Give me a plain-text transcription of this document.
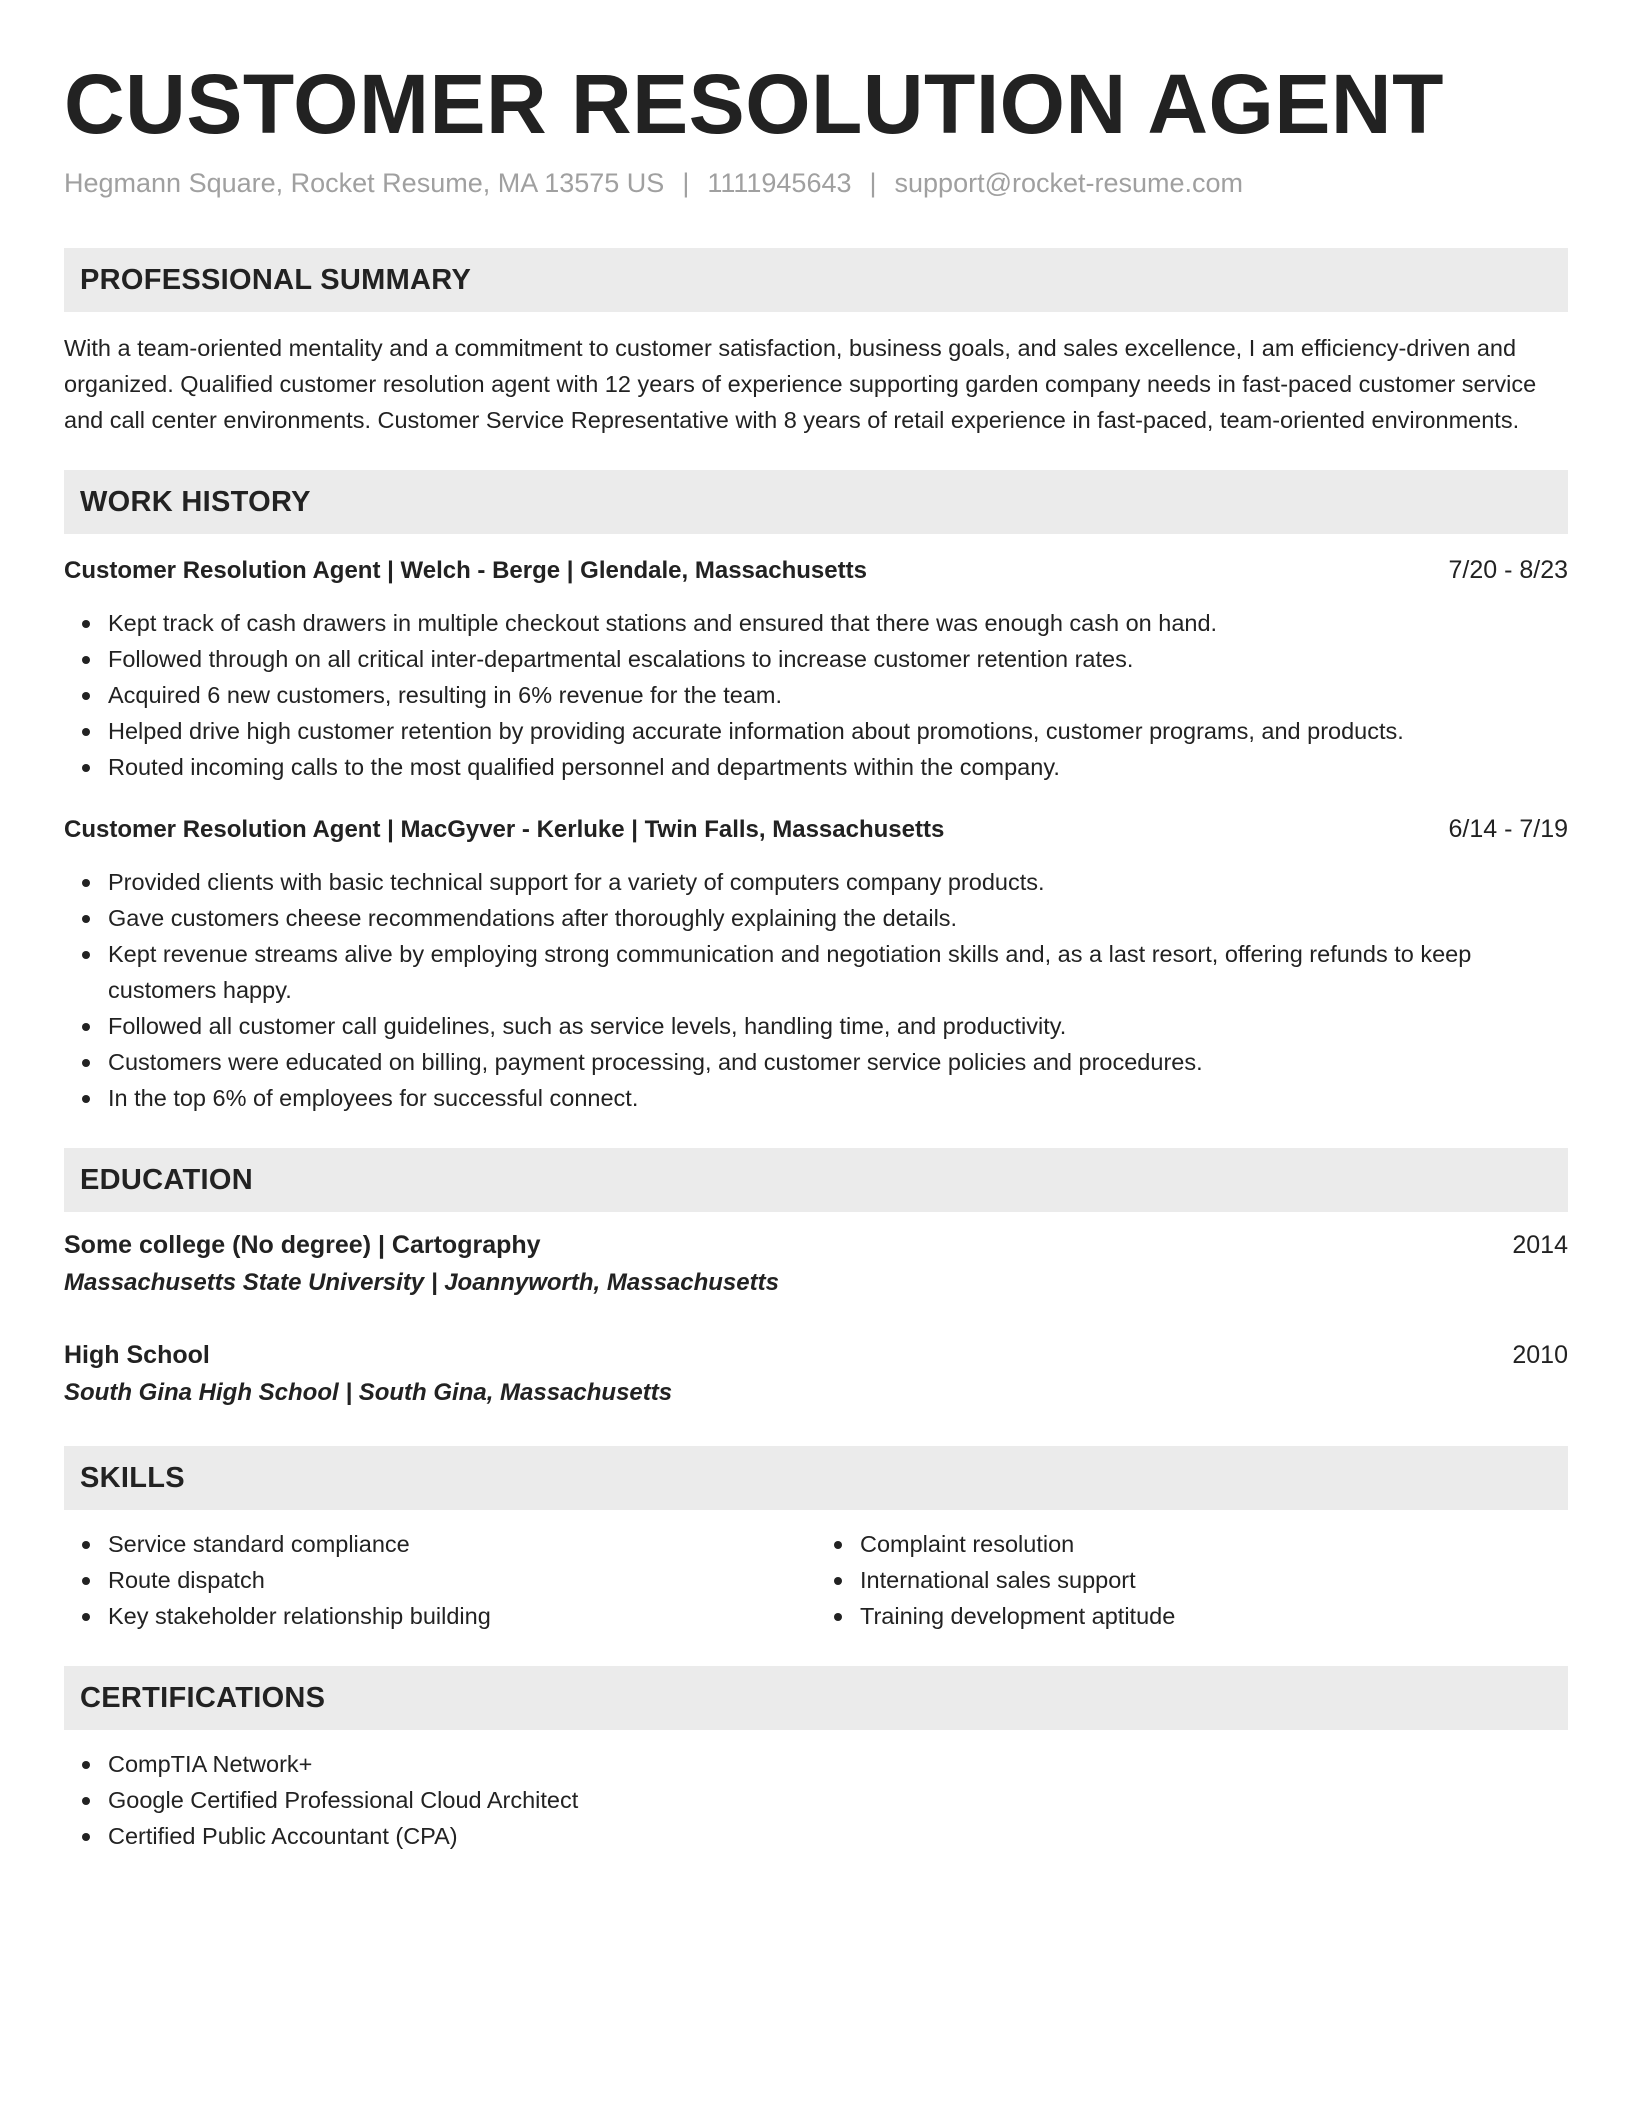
CUSTOMER RESOLUTION AGENT
Hegmann Square, Rocket Resume, MA 13575 US | 1111945643 | support@rocket-resume.com
PROFESSIONAL SUMMARY

With a team-oriented mentality and a commitment to customer satisfaction, business goals, and sales excellence, I am efficiency-driven and organized. Qualified customer resolution agent with 12 years of experience supporting garden company needs in fast-paced customer service and call center environments. Customer Service Representative with 8 years of retail experience in fast-paced, team-oriented environments.

WORK HISTORY
Customer Resolution Agent | Welch - Berge | Glendale, Massachusetts	7/20 - 8/23
Kept track of cash drawers in multiple checkout stations and ensured that there was enough cash on hand.
Followed through on all critical inter-departmental escalations to increase customer retention rates.
Acquired 6 new customers, resulting in 6% revenue for the team.
Helped drive high customer retention by providing accurate information about promotions, customer programs, and products.
Routed incoming calls to the most qualified personnel and departments within the company.
Customer Resolution Agent | MacGyver - Kerluke | Twin Falls, Massachusetts	6/14 - 7/19
Provided clients with basic technical support for a variety of computers company products.
Gave customers cheese recommendations after thoroughly explaining the details.
Kept revenue streams alive by employing strong communication and negotiation skills and, as a last resort, offering refunds to keep customers happy.
Followed all customer call guidelines, such as service levels, handling time, and productivity.
Customers were educated on billing, payment processing, and customer service policies and procedures.
In the top 6% of employees for successful connect.
EDUCATION
Some college (No degree) | Cartography	2014
Massachusetts State University | Joannyworth, Massachusetts
High School	2010
South Gina High School | South Gina, Massachusetts
SKILLS
Service standard compliance
Route dispatch
Key stakeholder relationship building
Complaint resolution
International sales support
Training development aptitude
CERTIFICATIONS
CompTIA Network+
Google Certified Professional Cloud Architect
Certified Public Accountant (CPA)
